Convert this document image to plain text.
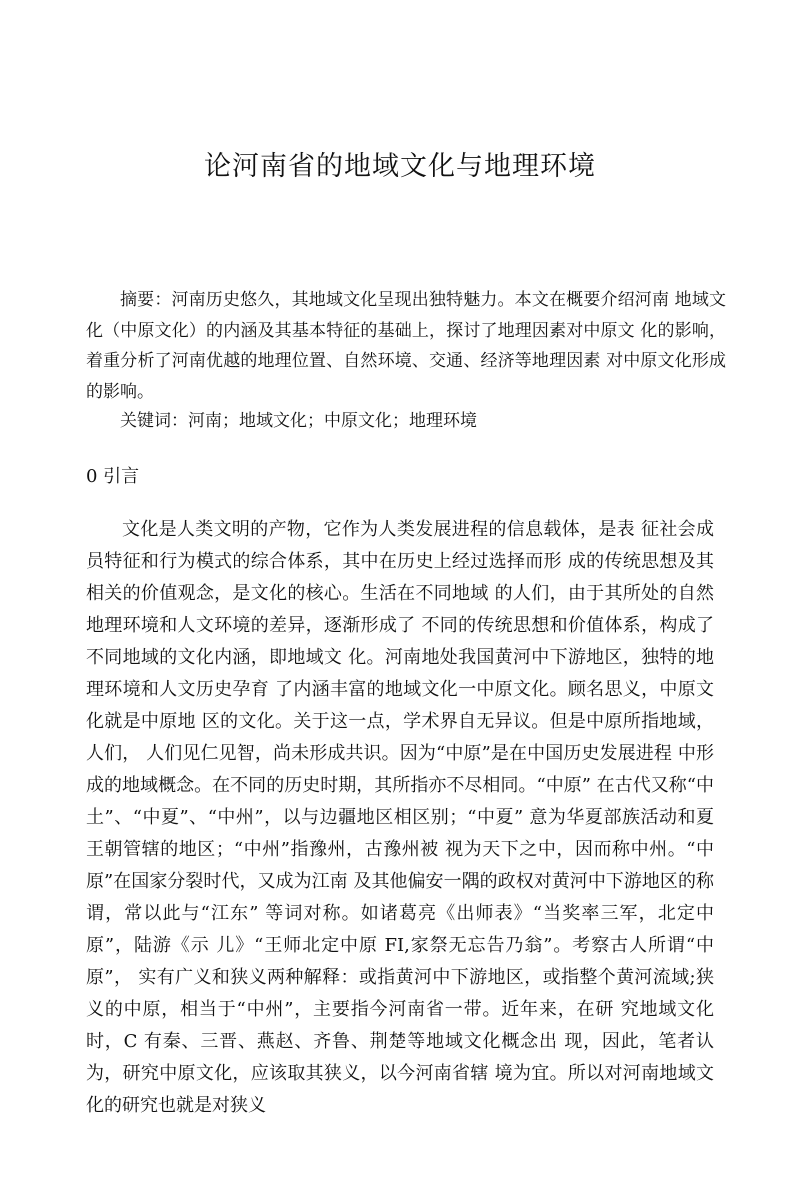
论河南省的地域文化与地理环境

摘要：河南历史悠久，其地域文化呈现出独特魅力。本文在概要介绍河南 地域文化（中原文化）的内涵及其基本特征的基础上，探讨了地理因素对中原文 化的影响，着重分析了河南优越的地理位置、自然环境、交通、经济等地理因素 对中原文化形成的影响。

关键词：河南；地域文化；中原文化；地理环境

0 引言

文化是人类文明的产物，它作为人类发展进程的信息载体，是表 征社会成员特征和行为模式的综合体系，其中在历史上经过选择而形 成的传统思想及其相关的价值观念，是文化的核心。生活在不同地域 的人们，由于其所处的自然地理环境和人文环境的差异，逐渐形成了 不同的传统思想和价值体系，构成了不同地域的文化内涵，即地域文 化。河南地处我国黄河中下游地区，独特的地理环境和人文历史孕育 了内涵丰富的地域文化一中原文化。顾名思义，中原文化就是中原地 区的文化。关于这一点，学术界自无异议。但是中原所指地域，人们， 人们见仁见智，尚未形成共识。因为“中原”是在中国历史发展进程 中形成的地域概念。在不同的历史时期，其所指亦不尽相同。“中原” 在古代又称“中土”、“中夏”、“中州”，以与边疆地区相区别；“中夏” 意为华夏部族活动和夏王朝管辖的地区；“中州”指豫州，古豫州被 视为天下之中，因而称中州。“中原”在国家分裂时代，又成为江南 及其他偏安一隅的政权对黄河中下游地区的称谓，常以此与“江东” 等词对称。如诸葛亮《出师表》“当奖率三军，北定中原”，陆游《示 儿》“王师北定中原 FI,家祭无忘告乃翁”。考察古人所谓“中原”， 实有广义和狭义两种解释：或指黄河中下游地区，或指整个黄河流域;狭义的中原，相当于“中州”，主要指今河南省一带。近年来，在研 究地域文化时，C 有秦、三晋、燕赵、齐鲁、荆楚等地域文化概念出 现，因此，笔者认为，研究中原文化，应该取其狭义，以今河南省辖 境为宜。所以对河南地域文化的研究也就是对狭义
